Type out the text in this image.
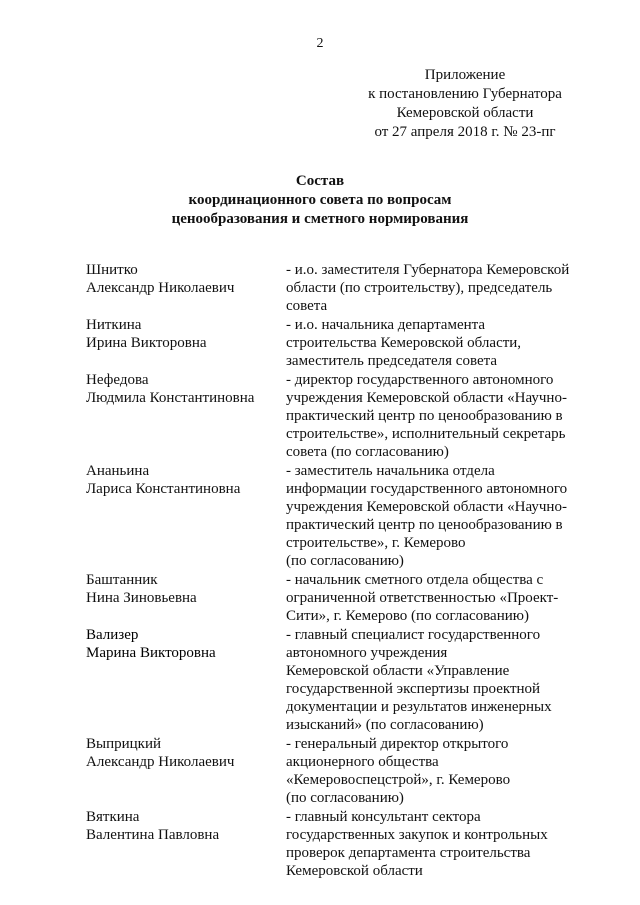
2
Приложение
к постановлению Губернатора
Кемеровской области
от 27 апреля 2018 г. № 23-пг
Состав
координационного совета по вопросам
ценообразования и сметного нормирования
Шнитко
Александр Николаевич
- и.о. заместителя Губернатора Кемеровской
области (по строительству), председатель
совета
Ниткина
Ирина Викторовна
- и.о. начальника департамента
строительства Кемеровской области,
заместитель председателя совета
Нефедова
Людмила Константиновна
- директор государственного автономного
учреждения Кемеровской области «Научно-
практический центр по ценообразованию в
строительстве», исполнительный секретарь
совета (по согласованию)
Ананьина
Лариса Константиновна
- заместитель начальника отдела
информации государственного автономного
учреждения Кемеровской области «Научно-
практический центр по ценообразованию в
строительстве», г. Кемерово
(по согласованию)
Баштанник
Нина Зиновьевна
- начальник сметного отдела общества с
ограниченной ответственностью «Проект-
Сити», г. Кемерово (по согласованию)
Вализер
Марина Викторовна
- главный специалист государственного
автономного учреждения
Кемеровской области «Управление
государственной экспертизы проектной
документации и результатов инженерных
изысканий» (по согласованию)
Выприцкий
Александр Николаевич
- генеральный директор открытого
акционерного общества
«Кемеровоспецстрой», г. Кемерово
(по согласованию)
Вяткина
Валентина Павловна
- главный консультант сектора
государственных закупок и контрольных
проверок департамента строительства
Кемеровской области
